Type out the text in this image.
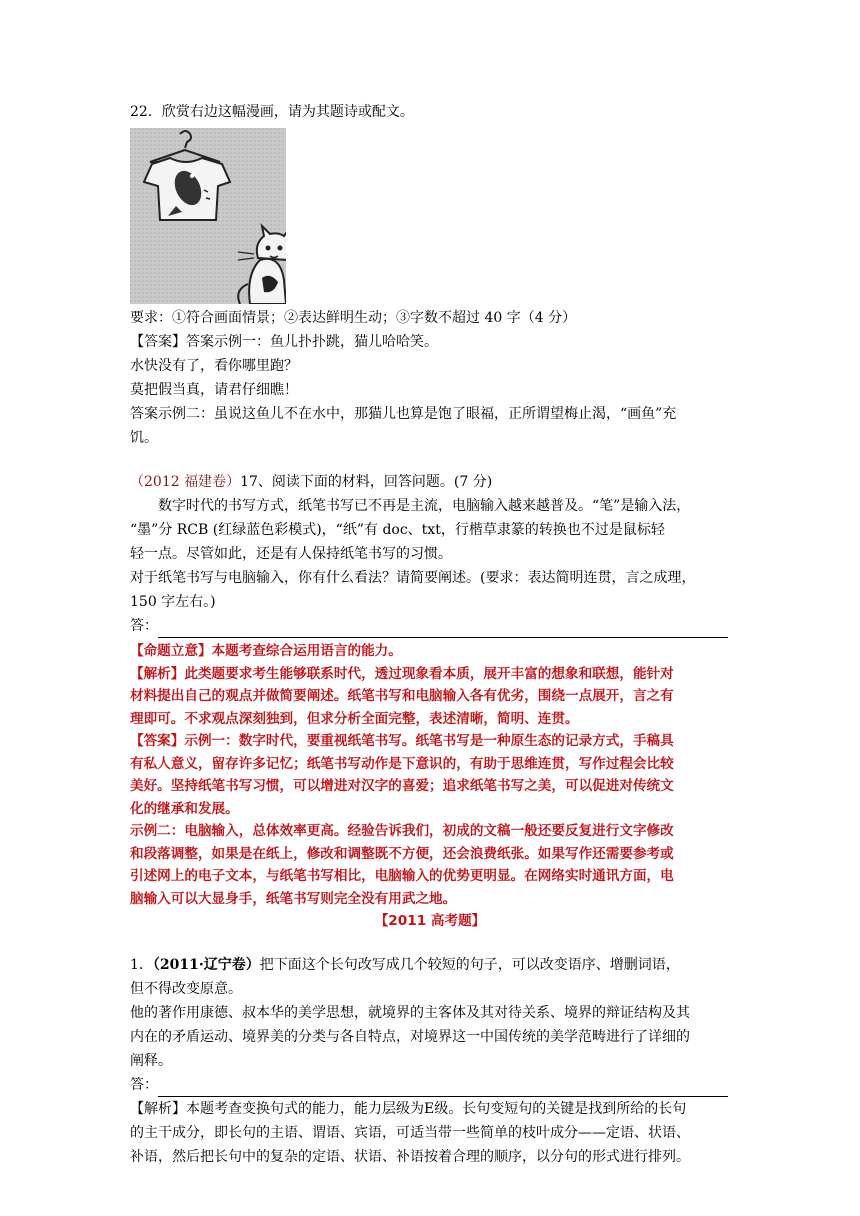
22．欣赏右边这幅漫画，请为其题诗或配文。
要求：①符合画面情景；②表达鲜明生动；③字数不超过 40 字（4 分）
【答案】答案示例一：鱼儿扑扑跳，猫儿哈哈笑。
水快没有了，看你哪里跑？
莫把假当真，请君仔细瞧！
答案示例二：虽说这鱼儿不在水中，那猫儿也算是饱了眼福，正所谓望梅止渴，“画鱼”充
饥。
（2012 福建卷）17、阅读下面的材料，回答问题。(7 分)
数字时代的书写方式，纸笔书写已不再是主流，电脑输入越来越普及。“笔”是输入法，
“墨”分 RCB (红绿蓝色彩模式)，“纸”有 doc、txt，行楷草隶篆的转换也不过是鼠标轻
轻一点。尽管如此，还是有人保持纸笔书写的习惯。
对于纸笔书写与电脑输入，你有什么看法？请简要阐述。(要求：表达简明连贯，言之成理，
150 字左右。)
答：
【命题立意】本题考查综合运用语言的能力。
【解析】此类题要求考生能够联系时代，透过现象看本质，展开丰富的想象和联想，能针对
材料提出自己的观点并做简要阐述。纸笔书写和电脑输入各有优劣，围绕一点展开，言之有
理即可。不求观点深刻独到，但求分析全面完整，表述清晰，简明、连贯。
【答案】示例一：数字时代，要重视纸笔书写。纸笔书写是一种原生态的记录方式，手稿具
有私人意义，留存许多记忆；纸笔书写动作是下意识的，有助于思维连贯，写作过程会比较
美好。坚持纸笔书写习惯，可以增进对汉字的喜爱；追求纸笔书写之美，可以促进对传统文
化的继承和发展。
示例二：电脑输入，总体效率更高。经验告诉我们，初成的文稿一般还要反复进行文字修改
和段落调整，如果是在纸上，修改和调整既不方便，还会浪费纸张。如果写作还需要参考或
引述网上的电子文本，与纸笔书写相比，电脑输入的优势更明显。在网络实时通讯方面，电
脑输入可以大显身手，纸笔书写则完全没有用武之地。
【2011 高考题】
1．（2011·辽宁卷）把下面这个长句改写成几个较短的句子，可以改变语序、增删词语，
但不得改变原意。
他的著作用康德、叔本华的美学思想，就境界的主客体及其对待关系、境界的辩证结构及其
内在的矛盾运动、境界美的分类与各自特点，对境界这一中国传统的美学范畴进行了详细的
阐释。
答：
【解析】本题考查变换句式的能力，能力层级为E级。长句变短句的关键是找到所给的长句
的主干成分，即长句的主语、谓语、宾语，可适当带一些简单的枝叶成分——定语、状语、
补语，然后把长句中的复杂的定语、状语、补语按着合理的顺序，以分句的形式进行排列。
